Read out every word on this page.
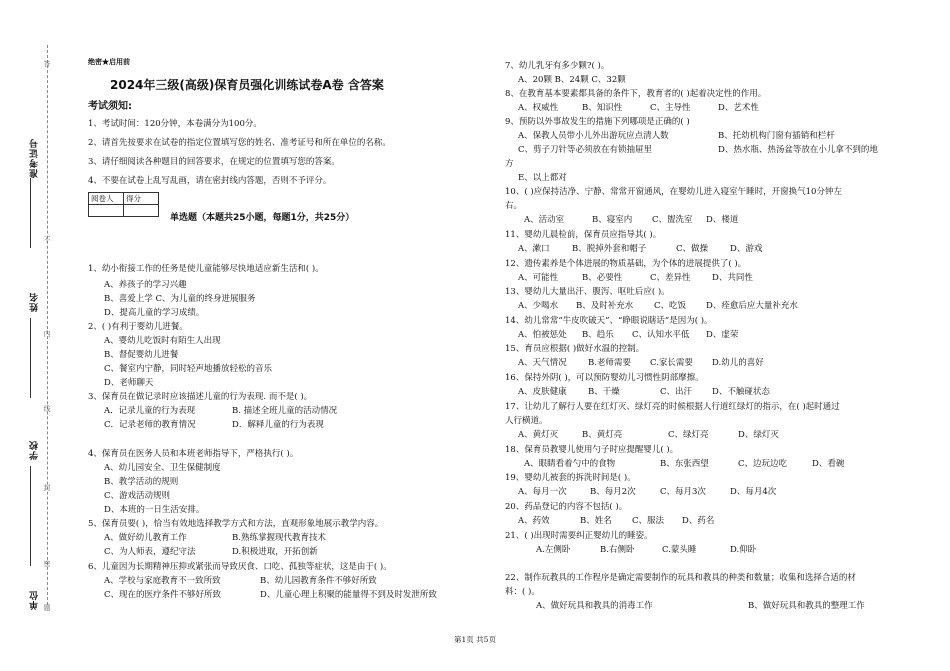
准考证号
姓名
学校
单位
答
不
内
线
封
密
题
绝密★启用前
2024年三级(高级)保育员强化训练试卷A卷 含答案
考试须知:
1、考试时间：120分钟，本卷满分为100分。
2、请首先按要求在试卷的指定位置填写您的姓名、准考证号和所在单位的名称。
3、请仔细阅读各种题目的回答要求，在规定的位置填写您的答案。
4、不要在试卷上乱写乱画，请在密封线内答题，否则不予评分。
阅卷人	得分

单选题（本题共25小题，每题1分，共25分）
1、幼小衔接工作的任务是使儿童能够尽快地适应新生活和( )。
A、养孩子的学习兴趣
B、喜爱上学 C、为儿童的终身进展服务
D、提高儿童的学习成绩。
2、( )有利于婴幼儿进餐。
A、婴幼儿吃饭时有陌生人出现
B、督促婴幼儿进餐
C、餐室内宁静，同时轻声地播放轻松的音乐
D、老师聊天
3、保育员在做记录时应该描述儿童的行为表现. 而不是( )。
A．记录儿童的行为表现	B. 描述全班儿童的活动情况
C．记录老师的教育情况	D．解释儿童的行为表现
4、保育员在医务人员和本班老师指导下，严格执行( )。
A、幼儿园安全、卫生保健制度
B、教学活动的规则
C、游戏活动规则
D、本班的一日生活安排。
5、保育员要( )，恰当有效地选择教学方式和方法，直观形象地展示教学内容。
A、做好幼儿教育工作	B.熟练掌握现代教育技术
C、为人师表，遵纪守法	D.积极进取，开拓创新
6、儿童因为长期精神压抑或紧张而导致厌食、口吃、孤独等症状，这是由于( )。
A、学校与家庭教育不一致所致	B、幼儿园教育条件不够好所致
C、现在的医疗条件不够好所致	D、儿童心理上积聚的能量得不到及时发泄所致
7、幼儿乳牙有多少颗?( )。
A、20颗 B、24颗 C、32颗
8、在教育基本要素都具备的条件下，教育者的( )起着决定性的作用。
A、权威性	B、知识性	C、主导性	D、艺术性
9、预防以外事故发生的措施下列哪项是正确的( )
A、保教人员带小儿外出游玩应点清人数	B、托幼机构门窗有插销和栏杆
C、剪子刀针等必须放在有锁抽屉里	D、热水瓶、热汤盆等放在小儿拿不到的地
方
E、以上都对
10、( )应保持洁净、宁静、常常开窗通风，在婴幼儿进入寝室午睡时，开窗换气10分钟左
右。
A、活动室	B、寝室内 C、盥洗室 D、楼道
11、婴幼儿晨检前，保育员应指导其( )。
A、漱口	B、脱掉外套和帽子	C、做操	D、游戏
12、遗传素养是个体进展的物质基础，为个体的进展提供了( )。
A、可能性	B、必要性	C、差异性	D、共同性
13、婴幼儿大量出汗、腹泻、呕吐后应( )。
A、少喝水 B、及时补充水 C、吃饭 D、痊愈后应大量补充水
14、幼儿常常“牛皮吹破天”、“睁眼说瞎话”是因为( )。
A、怕被惩处 B、趋乐 C、认知水平低 D、虚荣
15、育员应根据( )做好水温的控制。
A、天气情况	B.老师需要 C.家长需要 D.幼儿的喜好
16、保持外阴( )，可以预防婴幼儿习惯性阴部摩擦。
A、皮肤健康	B、干燥	C、出汗 D、不触碰状态
17、让幼儿了解行人要在红灯灭、绿灯亮的时候根据人行道红绿灯的指示，在( )起时通过
人行横道。
A、黄灯灭	B、黄灯亮	C、绿灯亮	D、绿灯灭
18、保育员教婴儿使用勺子时应提醒婴儿( )。
A、眼睛看着勺中的食物	B、东张西望	C、边玩边吃	D、看碗
19、婴幼儿被套的拆洗时间是( )。
A、每月一次	B、每月2次	C、每月3次	D、每月4次
20、药品登记的内容不包括( )。
A、药效	B、姓名 C、服法 D、药名
21、( )出现时需要纠正婴幼儿的睡姿。
A.左侧卧	B.右侧卧	C.蒙头睡	D.仰卧
22、制作玩教具的工作程序是确定需要制作的玩具和教具的种类和数量；收集和选择合适的材
料：( )。
A、做好玩具和教具的消毒工作	B、做好玩具和教具的整理工作
第1页 共5页
